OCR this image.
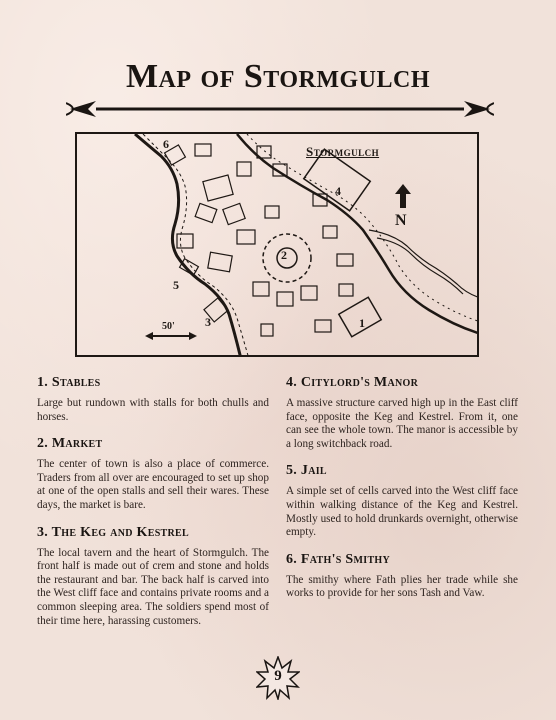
Map of Stormgulch
Stormgulch
N
50'	1
2
3
4
5
6
1. Stables

Large but rundown with stalls for both chulls and horses.

2. Market

The center of town is also a place of commerce. Traders from all over are encouraged to set up shop at one of the open stalls and sell their wares. These days, the market is bare.

3. The Keg and Kestrel

The local tavern and the heart of Stormgulch. The front half is made out of crem and stone and holds the restaurant and bar. The back half is carved into the West cliff face and contains private rooms and a common sleeping area. The soldiers spend most of their time here, harassing customers.

4. Citylord's Manor

A massive structure carved high up in the East cliff face, opposite the Keg and Kestrel. From it, one can see the whole town. The manor is accessible by a long switchback road.

5. Jail

A simple set of cells carved into the West cliff face within walking distance of the Keg and Kestrel. Mostly used to hold drunkards overnight, otherwise empty.

6. Fath's Smithy

The smithy where Fath plies her trade while she works to provide for her sons Tash and Vaw.

9
